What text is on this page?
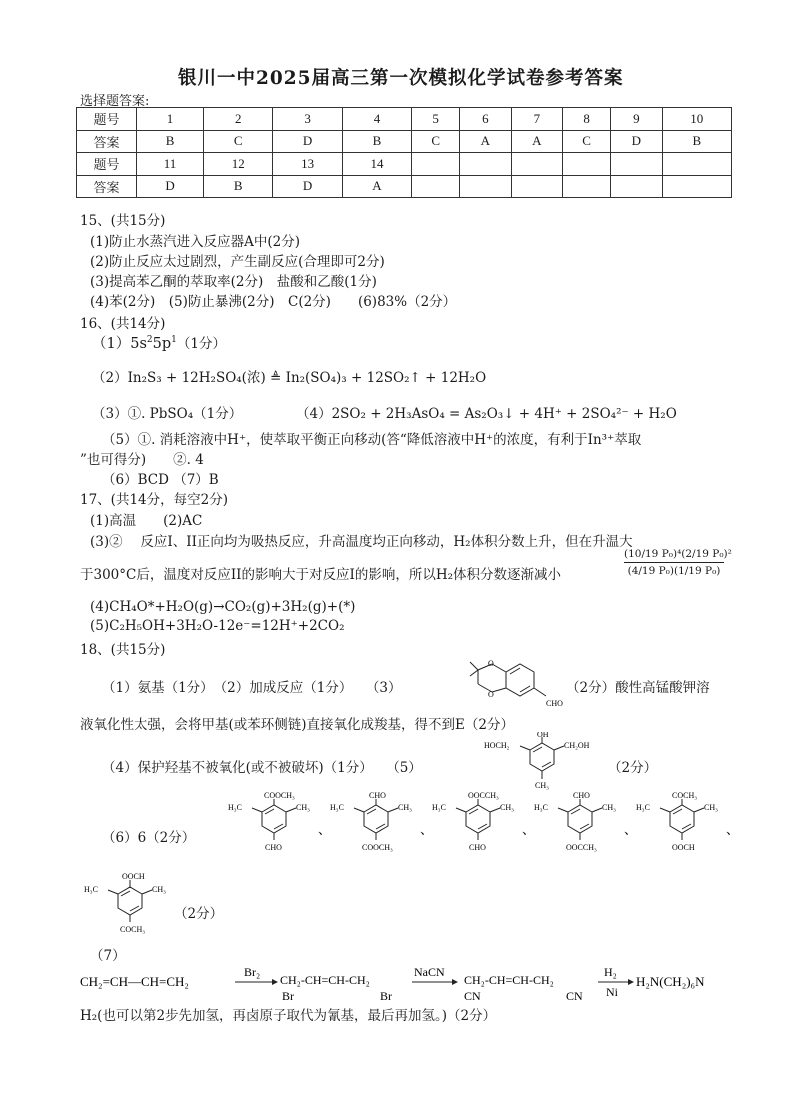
银川一中2025届高三第一次模拟化学试卷参考答案
选择题答案:
题号	1	2	3	4	5	6	7	8	9	10
答案	B	C	D	B	C	A	A	C	D	B
题号	11	12	13	14						
答案	D	B	D	A						
15、(共15分)
(1)防止水蒸汽进入反应器A中(2分)
(2)防止反应太过剧烈，产生副反应(合理即可2分)
(3)提高苯乙酮的萃取率(2分)　盐酸和乙酸(1分)
(4)苯(2分)　(5)防止暴沸(2分)　C(2分)　　(6)83%（2分）
16、(共14分)
$(1)5s^25p^1(1$分）
（2）In₂S₃ + 12H₂SO₄(浓) ≜ In₂(SO₄)₃ + 12SO₂↑ + 12H₂O
（3）①. PbSO₄（1分）	（4）2SO₂ + 2H₃AsO₄ = As₂O₃↓ + 4H⁺ + 2SO₄²⁻ + H₂O
（5）①. 消耗溶液中H⁺，使萃取平衡正向移动(答“降低溶液中H⁺的浓度，有利于In³⁺萃取
”也可得分)　　②. 4
（6）BCD （7）B
17、(共14分，每空2分)
(1)高温　　(2)AC
(3)②　 反应I、II正向均为吸热反应，升高温度均正向移动，H₂体积分数上升，但在升温大
于300°C后，温度对反应II的影响大于对反应I的影响，所以H₂体积分数逐渐减小	$\frac{\text{(10/19 P₀)⁴(2/19 P₀)²}}{\text{(4/19 P₀)(1/19 P₀)}}$
(4)CH₄O*+H₂O(g)→CO₂(g)+3H₂(g)+(*)
(5)C₂H₅OH+3H₂O-12e⁻=12H⁺+2CO₂
18、(共15分)
（1）氨基（1分）　（2）加成反应（1分）　　（3）
O
O
CHO
（2分）酸性高锰酸钾溶
液氧化性太强，会将甲基(或苯环侧链)直接氧化成羧基，得不到E（2分）
（4）保护羟基不被氧化(或不被破坏)（1分）　　（5）
OH
HOCH₂	CH₂OH
CH₃
（2分）
（6）6（2分）
COOCH₃
H₃C	CH₃
CHO
、
CHO
H₃C	CH₃
COOCH₃
、
OOCCH₃
H₃C	CH₃
CHO
、
CHO
H₃C	CH₃
OOCCH₃
、
COCH₃
H₃C	CH₃
OOCH
、
OOCH
H₃C	CH₃
COCH₃
（2分）
（7）
CH₂=CH—CH=CH₂
Br₂
CH₂-CH=CH-CH₂
Br	Br
NaCN
CH₂-CH=CH-CH₂
CN	CN
H₂
Ni
H₂N(CH₂)₆N
H₂(也可以第2步先加氢，再卤原子取代为氰基，最后再加氢。)（2分）
